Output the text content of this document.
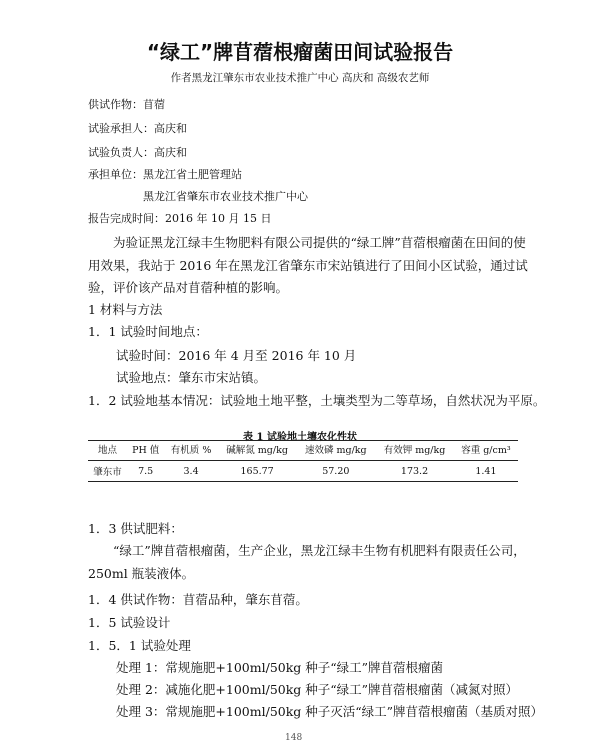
“绿工”牌苜蓿根瘤菌田间试验报告
作者黑龙江肇东市农业技术推广中心 高庆和 高级农艺师
供试作物：苜蓿
试验承担人：高庆和
试验负责人：高庆和
承担单位：黑龙江省土肥管理站
黑龙江省肇东市农业技术推广中心
报告完成时间：2016 年 10 月 15 日
为验证黑龙江绿丰生物肥料有限公司提供的“绿工牌”苜蓿根瘤菌在田间的使用效果，我站于 2016 年在黑龙江省肇东市宋站镇进行了田间小区试验，通过试验，评价该产品对苜蓿种植的影响。
1 材料与方法
1．1 试验时间地点：
试验时间：2016 年 4 月至 2016 年 10 月
试验地点：肇东市宋站镇。
1．2 试验地基本情况：试验地土地平整，土壤类型为二等草场，自然状况为平原。
表 1 试验地土壤农化性状
地点	PH 值	有机质 %	碱解氮 mg/kg	速效磷 mg/kg	有效钾 mg/kg	容重 g/cm³
肇东市	7.5	3.4	165.77	57.20	173.2	1.41
1．3 供试肥料：
“绿工”牌苜蓿根瘤菌，生产企业，黑龙江绿丰生物有机肥料有限责任公司，250ml 瓶装液体。
1．4 供试作物：苜蓿品种，肇东苜蓿。
1．5 试验设计
1．5．1 试验处理
处理 1：常规施肥+100ml/50kg 种子“绿工”牌苜蓿根瘤菌
处理 2：减施化肥+100ml/50kg 种子“绿工”牌苜蓿根瘤菌（减氮对照）
处理 3：常规施肥+100ml/50kg 种子灭活“绿工”牌苜蓿根瘤菌（基质对照）
148
